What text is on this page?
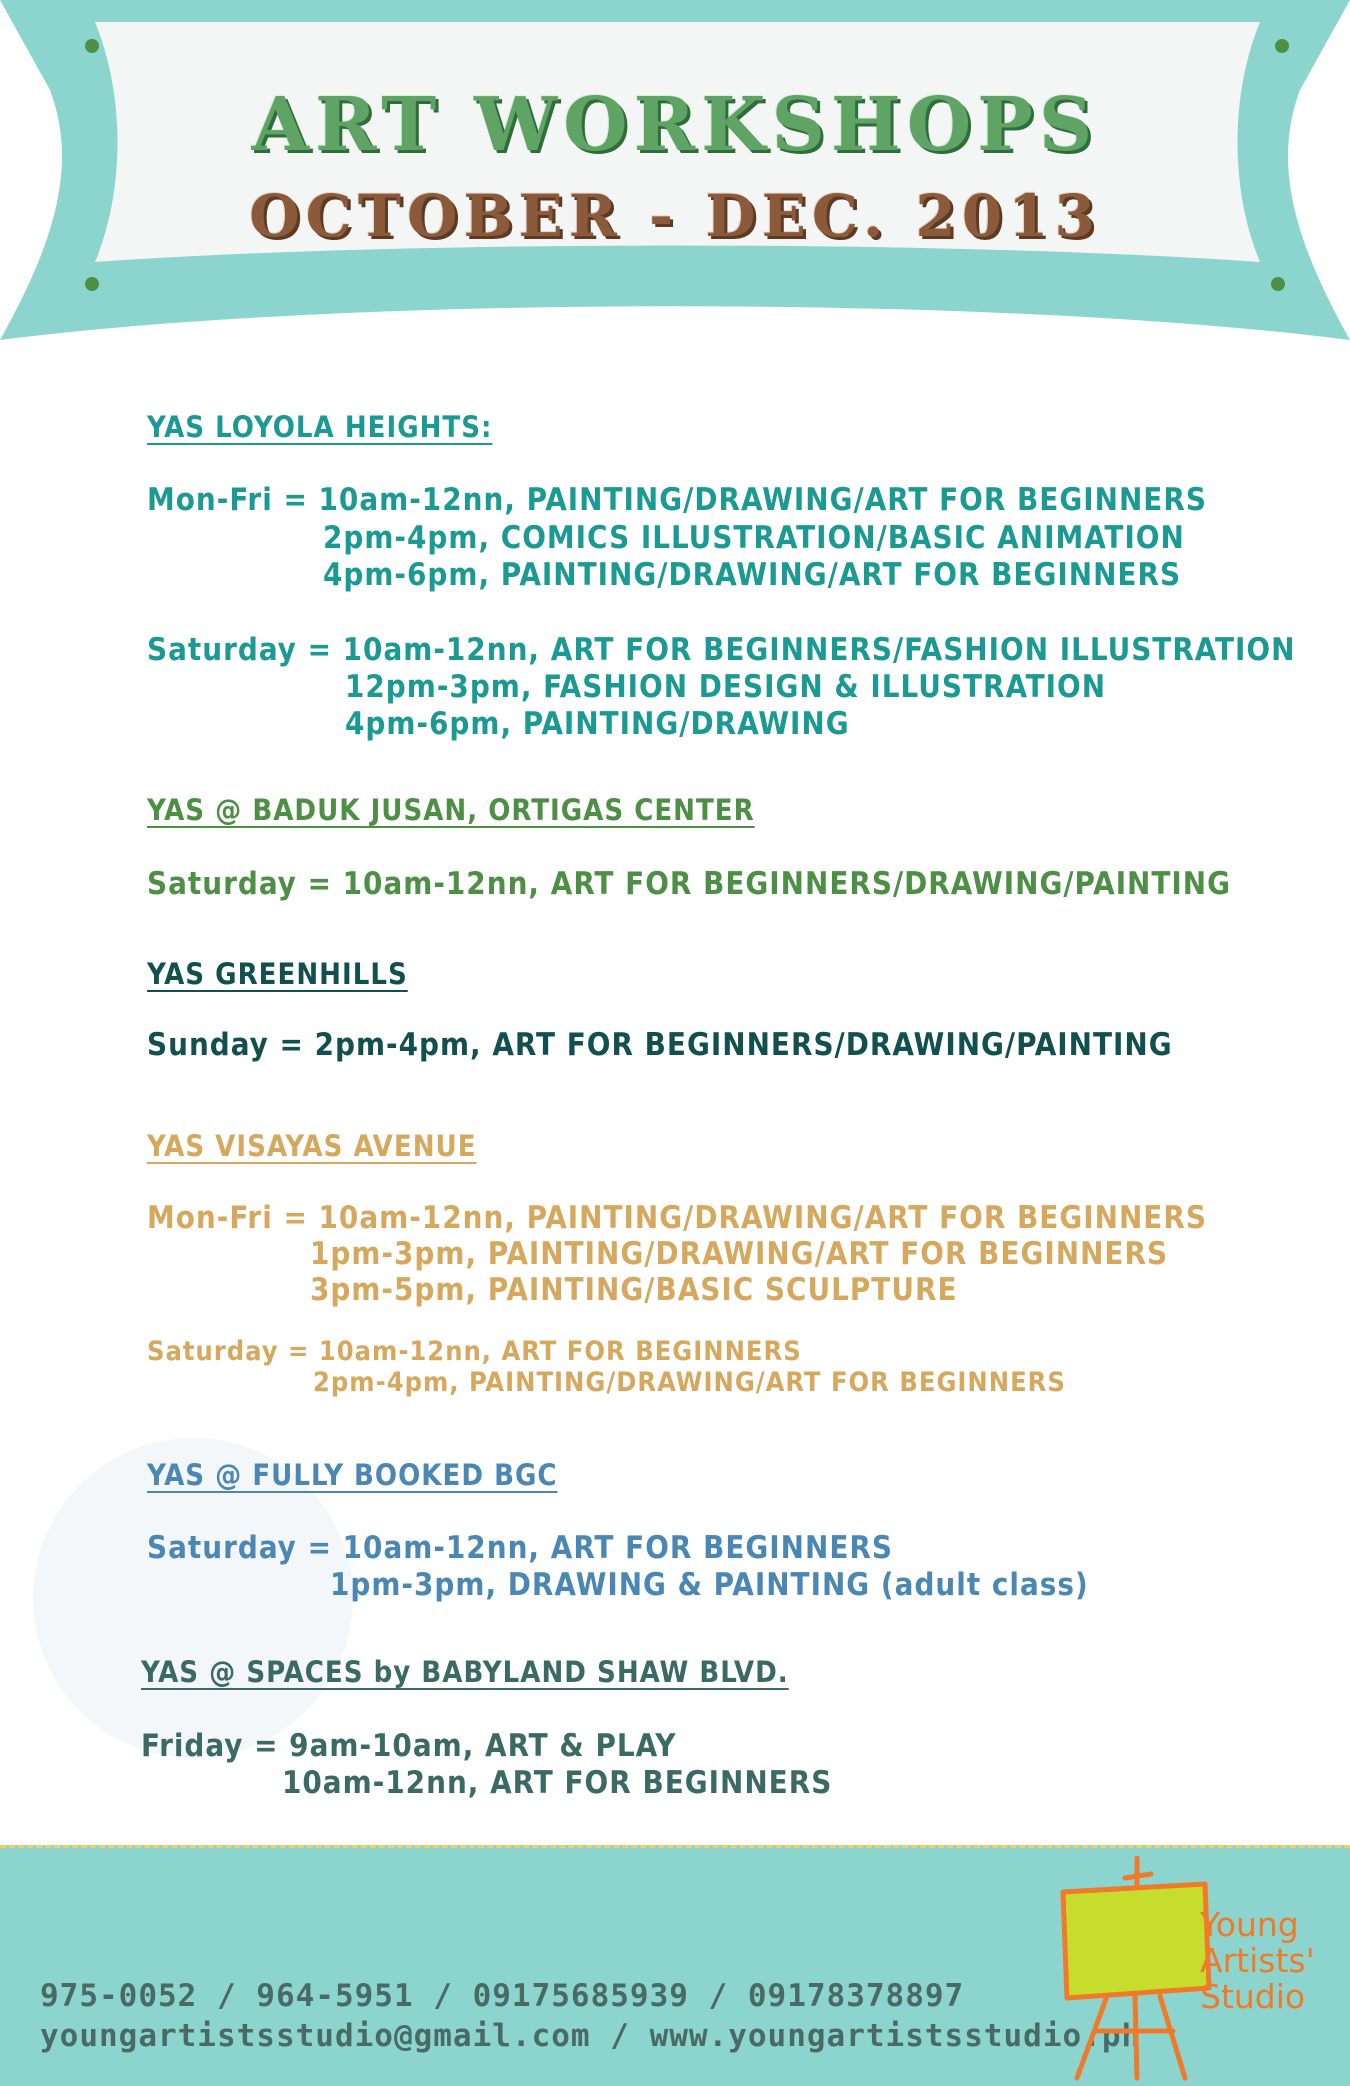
ART WORKSHOPS
OCTOBER - DEC. 2013
YAS LOYOLA HEIGHTS:
Mon-Fri = 10am-12nn, PAINTING/DRAWING/ART FOR BEGINNERS
2pm-4pm, COMICS ILLUSTRATION/BASIC ANIMATION
4pm-6pm, PAINTING/DRAWING/ART FOR BEGINNERS
Saturday = 10am-12nn, ART FOR BEGINNERS/FASHION ILLUSTRATION
12pm-3pm, FASHION DESIGN & ILLUSTRATION
4pm-6pm, PAINTING/DRAWING
YAS @ BADUK JUSAN, ORTIGAS CENTER
Saturday = 10am-12nn, ART FOR BEGINNERS/DRAWING/PAINTING
YAS GREENHILLS
Sunday = 2pm-4pm, ART FOR BEGINNERS/DRAWING/PAINTING
YAS VISAYAS AVENUE
Mon-Fri = 10am-12nn, PAINTING/DRAWING/ART FOR BEGINNERS
1pm-3pm, PAINTING/DRAWING/ART FOR BEGINNERS
3pm-5pm, PAINTING/BASIC SCULPTURE
Saturday = 10am-12nn, ART FOR BEGINNERS
2pm-4pm, PAINTING/DRAWING/ART FOR BEGINNERS
YAS @ FULLY BOOKED BGC
Saturday = 10am-12nn, ART FOR BEGINNERS
1pm-3pm, DRAWING & PAINTING (adult class)
YAS @ SPACES by BABYLAND SHAW BLVD.
Friday = 9am-10am, ART & PLAY
10am-12nn, ART FOR BEGINNERS
975-0052 / 964-5951 / 09175685939 / 09178378897
youngartistsstudio@gmail.com / www.youngartistsstudio.ph
Young
Artists'
Studio
